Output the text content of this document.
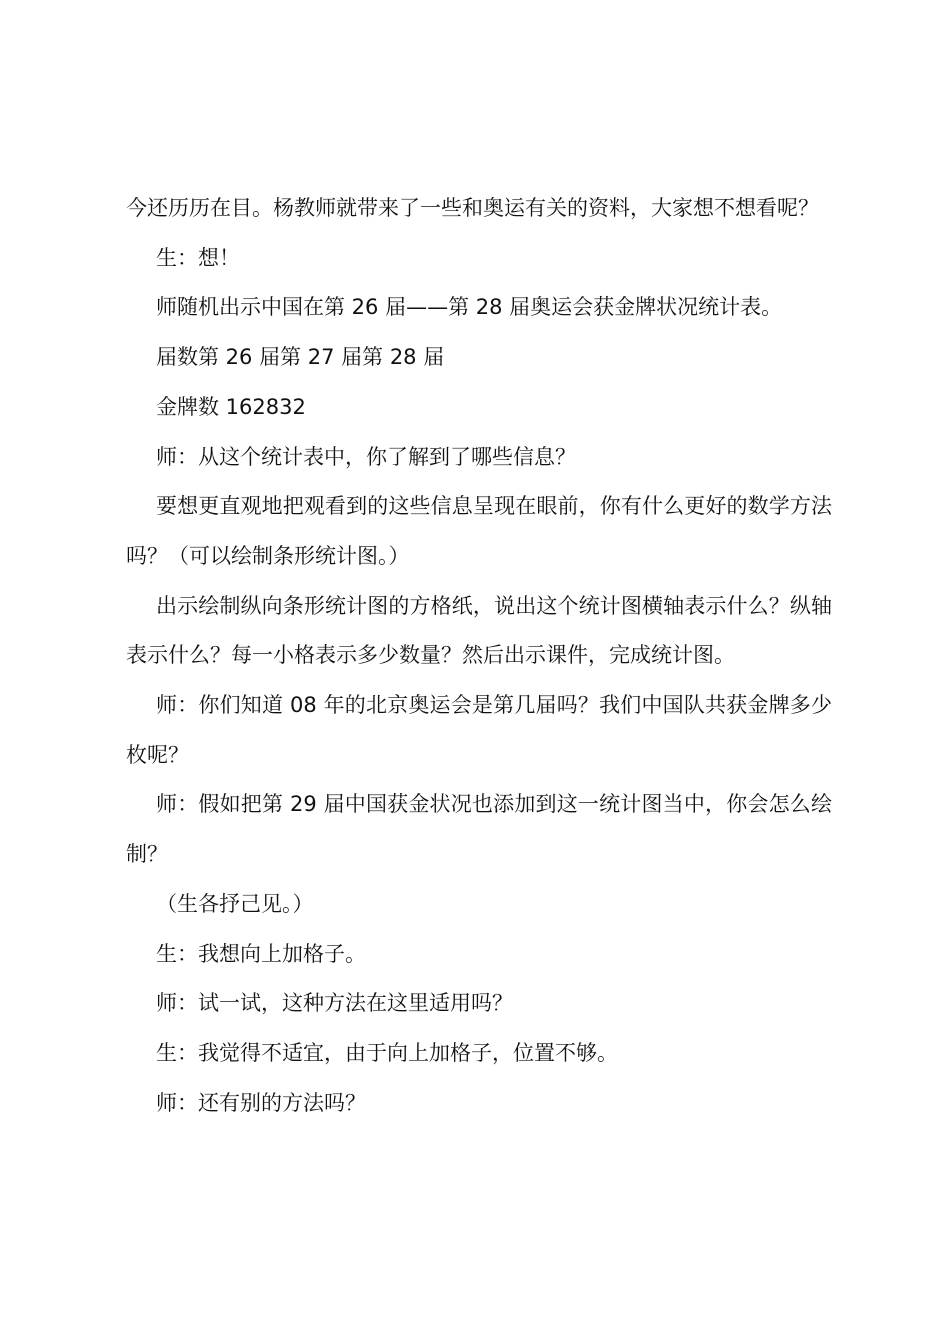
今还历历在目。杨教师就带来了一些和奥运有关的资料，大家想不想看呢？

生：想！

师随机出示中国在第 26 届——第 28 届奥运会获金牌状况统计表。

届数第 26 届第 27 届第 28 届

金牌数 162832

师：从这个统计表中，你了解到了哪些信息？

要想更直观地把观看到的这些信息呈现在眼前，你有什么更好的数学方法吗？（可以绘制条形统计图。）

出示绘制纵向条形统计图的方格纸，说出这个统计图横轴表示什么？纵轴表示什么？每一小格表示多少数量？然后出示课件，完成统计图。

师：你们知道 08 年的北京奥运会是第几届吗？我们中国队共获金牌多少枚呢？

师：假如把第 29 届中国获金状况也添加到这一统计图当中，你会怎么绘制？

（生各抒己见。）

生：我想向上加格子。

师：试一试，这种方法在这里适用吗？

生：我觉得不适宜，由于向上加格子，位置不够。

师：还有别的方法吗？
